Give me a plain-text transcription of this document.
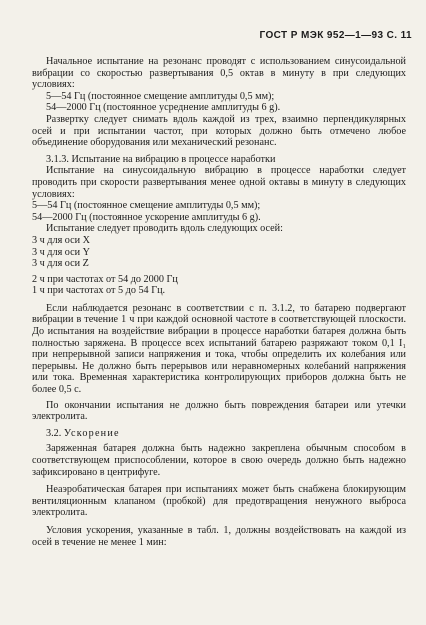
ГОСТ Р МЭК 952—1—93 С. 11

Начальное испытание на резонанс проводят с использованием синусоидальной вибрации со скоростью развертывания 0,5 октав в минуту в при следующих условиях:

5—54 Гц (постоянное смещение амплитуды 0,5 мм);

54—2000 Гц (постоянное усреднение амплитуды 6 g).

Развертку следует снимать вдоль каждой из трех, взаимно перпендикулярных осей и при испытании частот, при которых должно быть отмечено любое объединение оборудования или механический резонанс.

3.1.3. Испытание на вибрацию в процессе наработки

Испытание на синусоидальную вибрацию в процессе наработки следует проводить при скорости развертывания менее одной октавы в минуту в следующих условиях:

5—54 Гц (постоянное смещение амплитуды 0,5 мм);

54—2000 Гц (постоянное ускорение амплитуды 6 g).

Испытание следует проводить вдоль следующих осей:

3 ч для оси X

3 ч для оси Y

3 ч для оси Z

2 ч при частотах от 54 до 2000 Гц

1 ч при частотах от 5 до 54 Гц.

Если наблюдается резонанс в соответствии с п. 3.1.2, то батарею подвергают вибрации в течение 1 ч при каждой основной частоте в соответствующей плоскости. До испытания на воздействие вибрации в процессе наработки батарея должна быть полностью заряжена. В процессе всех испытаний батарею разряжают током 0,1 I₁ при непрерывной записи напряжения и тока, чтобы определить их колебания или перерывы. Не должно быть перерывов или неравномерных колебаний напряжения или тока. Временная характеристика контролирующих приборов должна быть не более 0,5 с.

По окончании испытания не должно быть повреждения батареи или утечки электролита.

3.2. Ускорение

Заряженная батарея должна быть надежно закреплена обычным способом в соответствующем приспособлении, которое в свою очередь должно быть надежно зафиксировано в центрифуге.

Неаэробатическая батарея при испытаниях может быть снабжена блокирующим вентиляционным клапаном (пробкой) для предотвращения ненужного выброса электролита.

Условия ускорения, указанные в табл. 1, должны воздействовать на каждой из осей в течение не менее 1 мин:
